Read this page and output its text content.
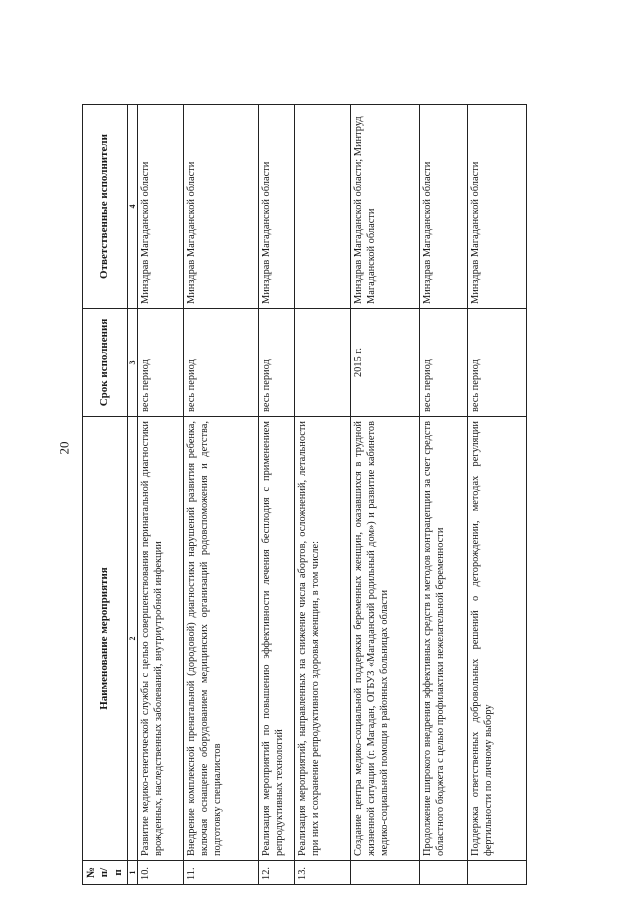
20
№ п/п	Наименование мероприятия	Срок исполнения	Ответственные исполнители
1	2	3	4
10.	Развитие медико-генетической службы с целью совершенствования перинатальной диагностики врожденных, наследственных заболеваний, внутриутробной инфекции	весь период	Минздрав Магаданской области
11.	Внедрение комплексной пренатальной (дородовой) диагностики нарушений развития ребенка, включая оснащение оборудованием медицинских организаций родовспоможения и детства, подготовку специалистов	весь период	Минздрав Магаданской области
12.	Реализация мероприятий по повышению эффективности лечения бесплодия с применением репродуктивных технологий	весь период	Минздрав Магаданской области
13.	Реализация мероприятий, направленных на снижение числа абортов, осложнений, летальности при них и сохранение репродуктивного здоровья женщин, в том числе:		
	Создание центра медико-социальной поддержки беременных женщин, оказавшихся в трудной жизненной ситуации (г. Магадан, ОГБУЗ «Магаданский родильный дом») и развитие кабинетов медико-социальной помощи в районных больницах области	2015 г.	Минздрав Магаданской области; Минтруд Магаданской области
	Продолжение широкого внедрения эффективных средств и методов контрацепции за счет средств областного бюджета с целью профилактики нежелательной беременности	весь период	Минздрав Магаданской области
	Поддержка ответственных добровольных решений о деторождении, методах регуляции фертильности по личному выбору	весь период	Минздрав Магаданской области
